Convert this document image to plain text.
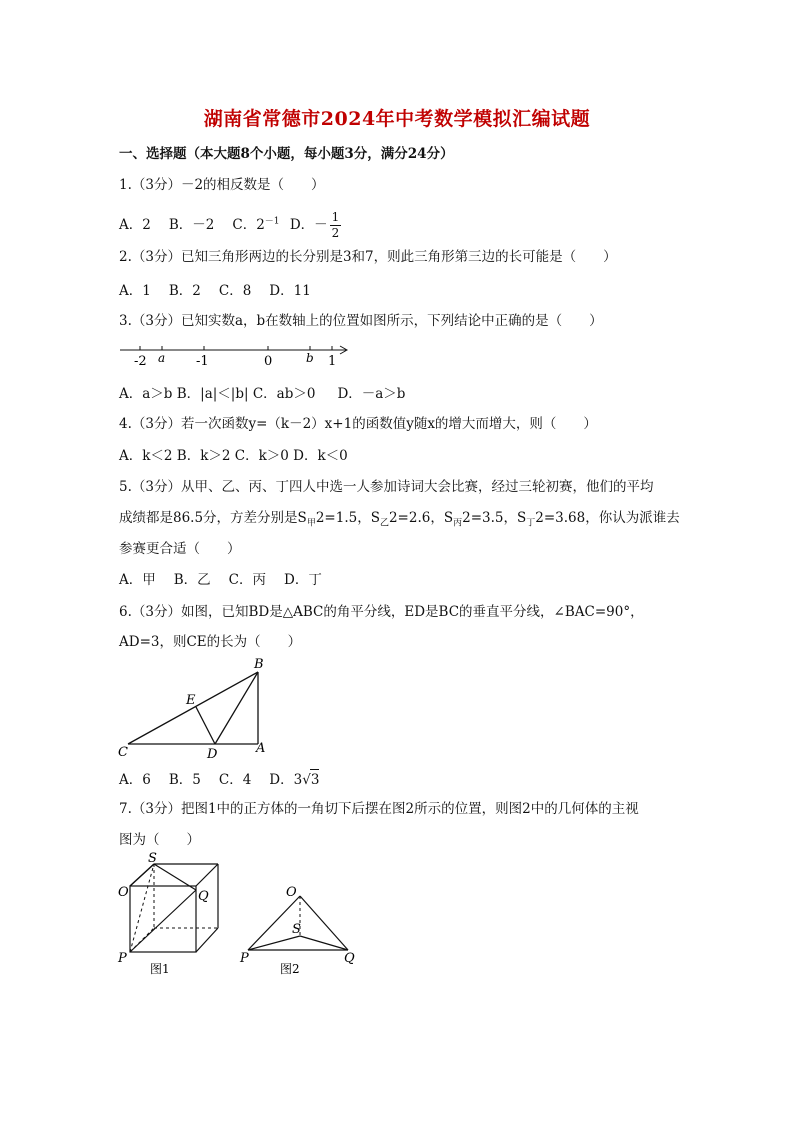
湖南省常德市2024年中考数学模拟汇编试题
一、选择题（本大题8个小题，每小题3分，满分24分）
1.（3分）－2的相反数是（　　）
A．2 B．－2 C．$2^{-1}$ D．－ $\frac{1}{2}$
2.（3分）已知三角形两边的长分别是3和7，则此三角形第三边的长可能是（　　）
A．1 B．2 C．8 D．11
3.（3分）已知实数a，b在数轴上的位置如图所示，下列结论中正确的是（　　）
-2 a -1	0	b 1
A．a＞b B．|a|＜|b| C．ab＞0 D．－a＞b
4.（3分）若一次函数y=（k－2）x+1的函数值y随x的增大而增大，则（　　）
A．k＜2 B．k＞2 C．k＞0 D．k＜0
5.（3分）从甲、乙、丙、丁四人中选一人参加诗词大会比赛，经过三轮初赛，他们的平均
成绩都是86.5分，方差分别是$S_甲2=1.5$，$S_乙2=2.6$，$S_丙2=3.5$，$S_丁2=3.68$，你认为派谁去
参赛更合适（　　）
A．甲 B．乙 C．丙 D．丁
6.（3分）如图，已知BD是△ABC的角平分线，ED是BC的垂直平分线，∠BAC=90°，
AD=3，则CE的长为（　　）
B
E
C	D	A
A．6 B．5 C．4 D．3√3
7.（3分）把图1中的正方体的一角切下后摆在图2所示的位置，则图2中的几何体的主视
图为（　　）
S
O	Q
P
图1
O
S
P	Q
图2
